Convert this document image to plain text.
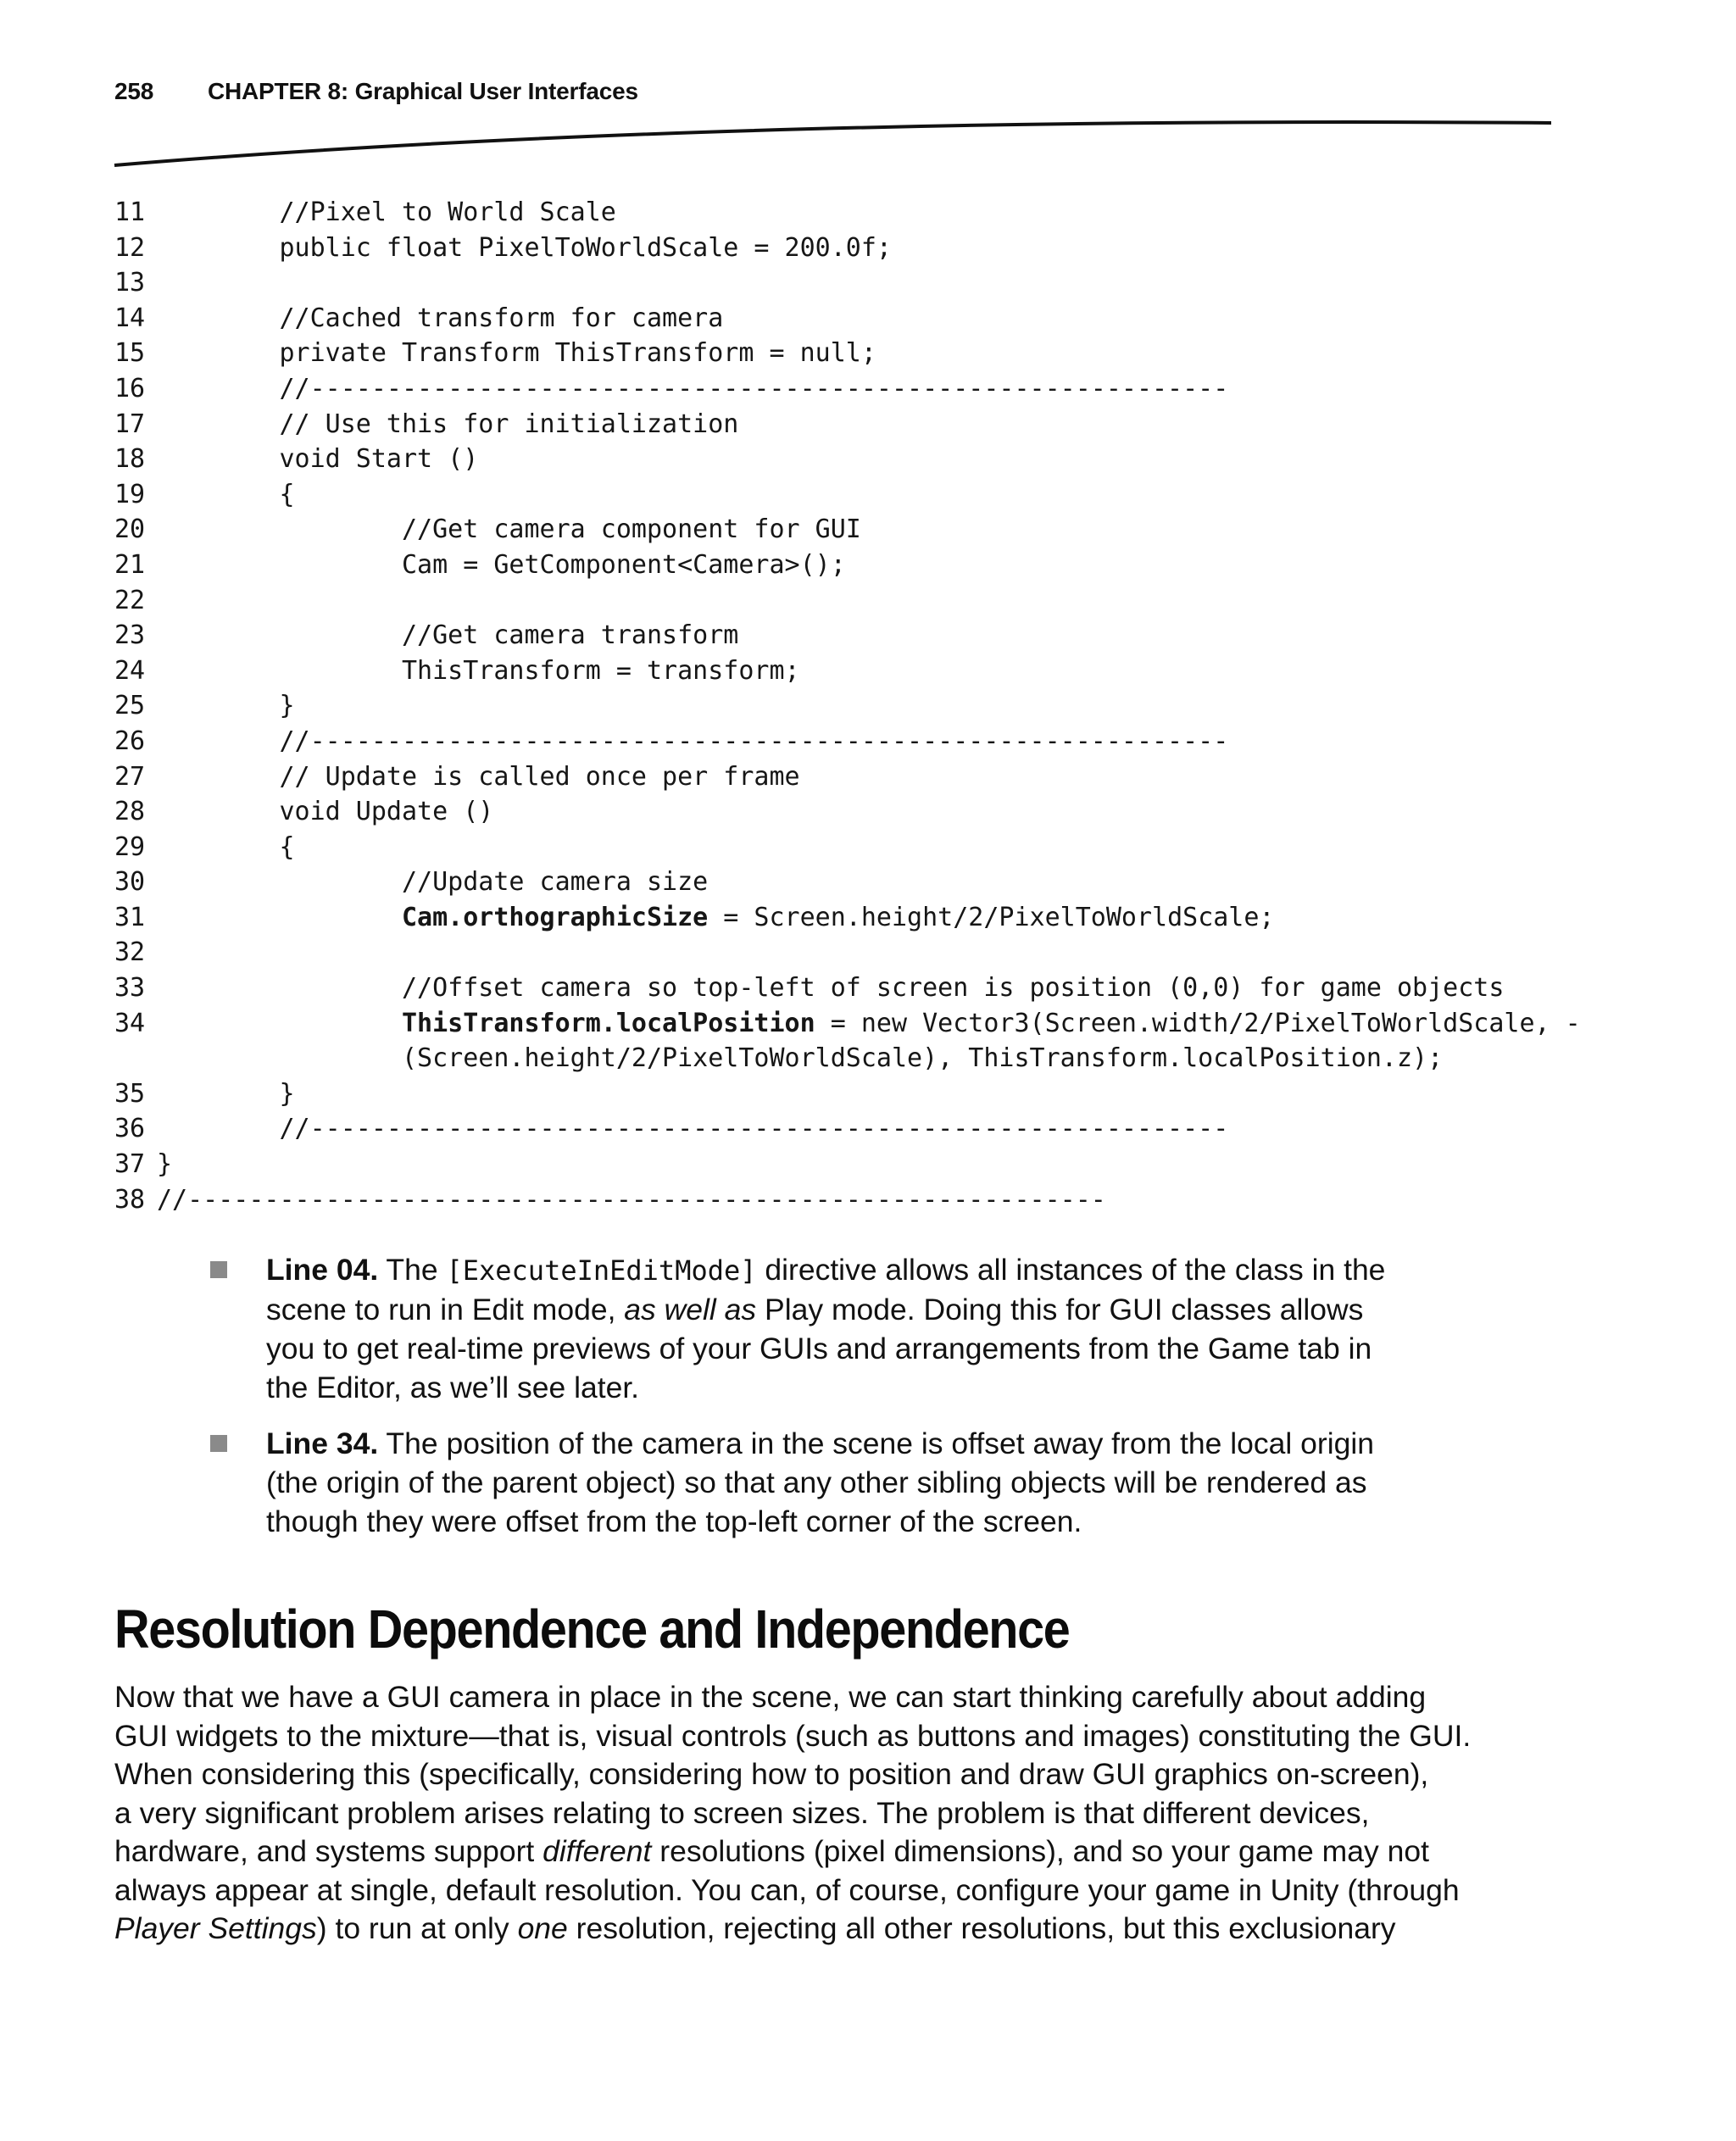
258	CHAPTER 8: Graphical User Interfaces
11 //Pixel to World Scale
12 public float PixelToWorldScale = 200.0f;
13
14 //Cached transform for camera
15 private Transform ThisTransform = null;
16 //------------------------------------------------------------
17 // Use this for initialization
18 void Start ()
19 {
20 //Get camera component for GUI
21 Cam = GetComponent<Camera>();
22
23 //Get camera transform
24 ThisTransform = transform;
25 }
26 //------------------------------------------------------------
27 // Update is called once per frame
28 void Update ()
29 {
30 //Update camera size
31	Cam.orthographicSize = Screen.height/2/PixelToWorldScale;
32
33 //Offset camera so top-left of screen is position (0,0) for game objects
34	ThisTransform.localPosition = new Vector3(Screen.width/2/PixelToWorldScale, -
(Screen.height/2/PixelToWorldScale), ThisTransform.localPosition.z);
35 }
36 //------------------------------------------------------------
37 }
38 //------------------------------------------------------------
Line 04. The [ExecuteInEditMode] directive allows all instances of the class in the scene to run in Edit mode, as well as Play mode. Doing this for GUI classes allows you to get real-time previews of your GUIs and arrangements from the Game tab in the Editor, as we’ll see later.
Line 34. The position of the camera in the scene is offset away from the local origin (the origin of the parent object) so that any other sibling objects will be rendered as though they were offset from the top-left corner of the screen.
Resolution Dependence and Independence

Now that we have a GUI camera in place in the scene, we can start thinking carefully about adding
GUI widgets to the mixture—that is, visual controls (such as buttons and images) constituting the GUI.
When considering this (specifically, considering how to position and draw GUI graphics on-screen),
a very significant problem arises relating to screen sizes. The problem is that different devices,
hardware, and systems support different resolutions (pixel dimensions), and so your game may not
always appear at single, default resolution. You can, of course, configure your game in Unity (through
Player Settings) to run at only one resolution, rejecting all other resolutions, but this exclusionary
